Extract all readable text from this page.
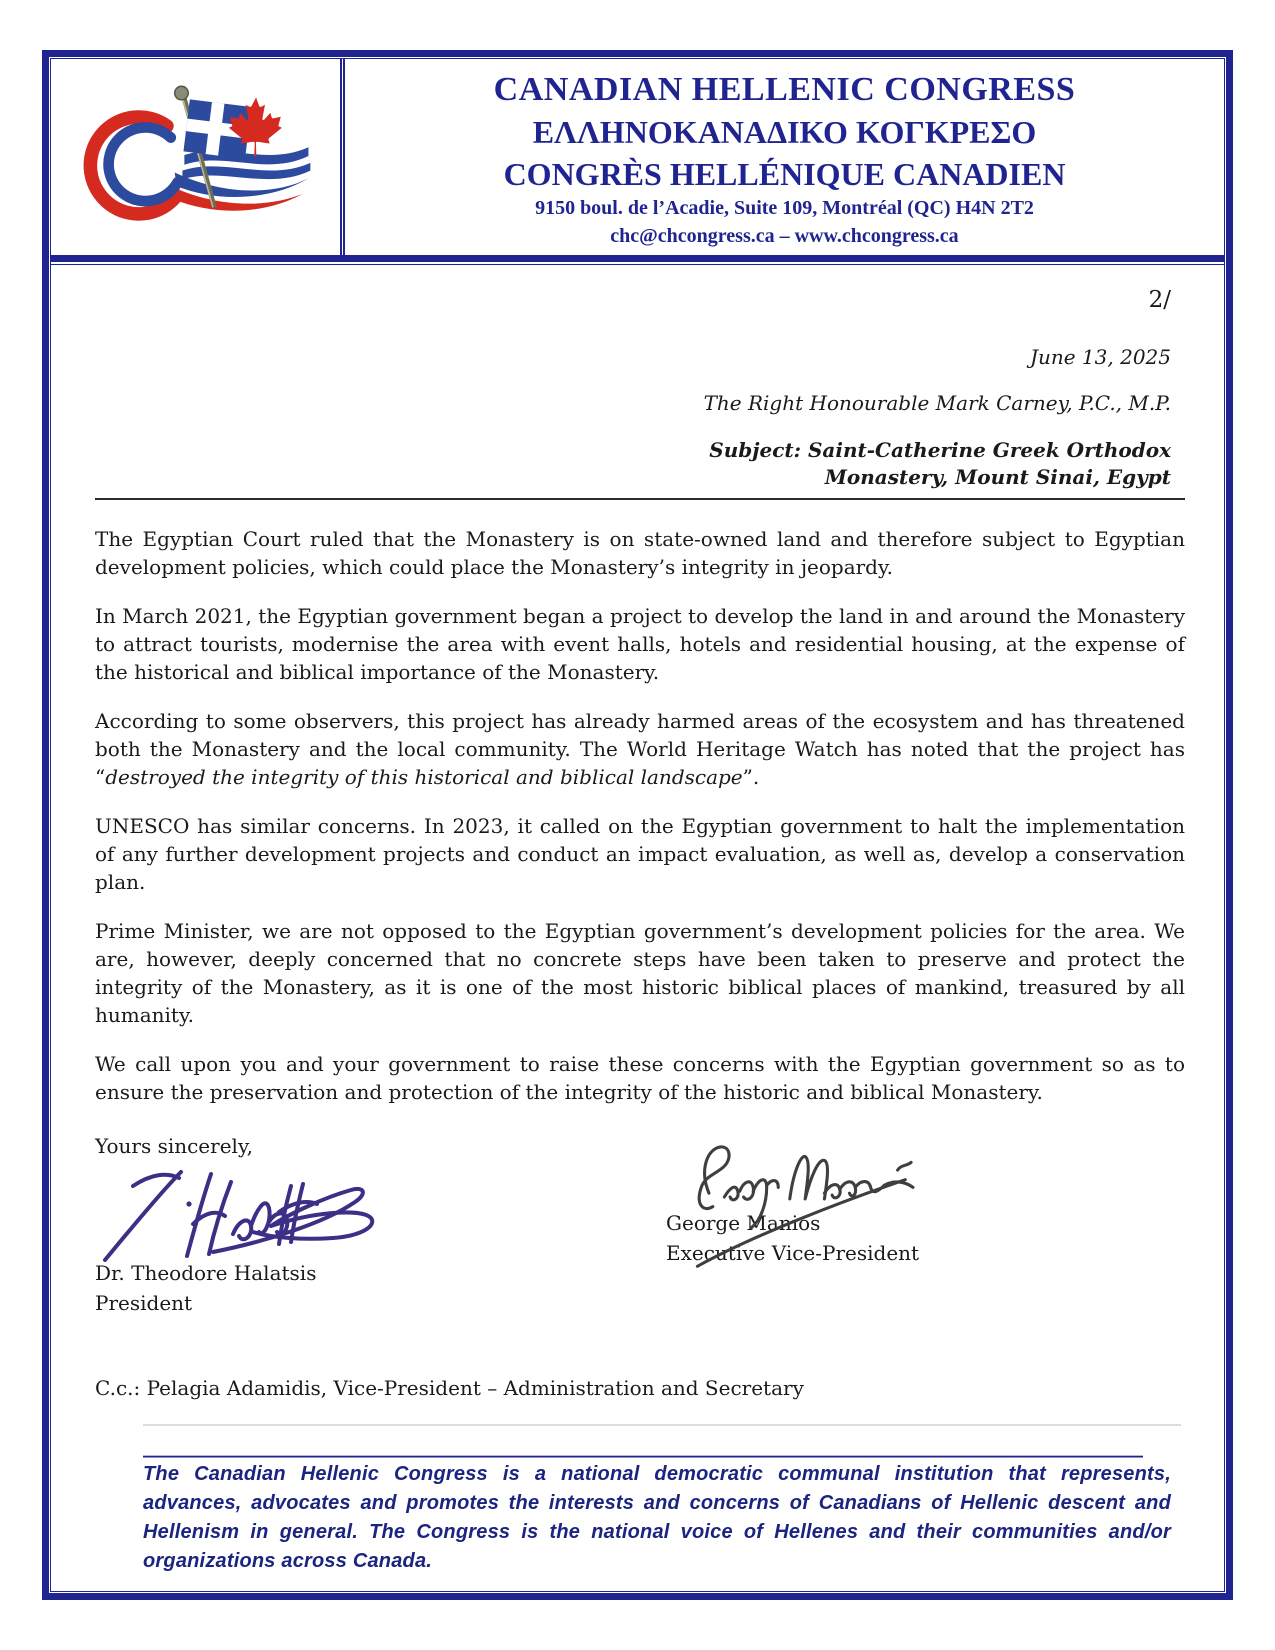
CANADIAN HELLENIC CONGRESS
ΕΛΛΗΝΟΚΑΝΑΔΙΚΟ ΚΟΓΚΡΕΣΟ
CONGRÈS HELLÉNIQUE CANADIEN
9150 boul. de l’Acadie, Suite 109, Montréal (QC) H4N 2T2
chc@chcongress.ca – www.chcongress.ca
2/
June 13, 2025
The Right Honourable Mark Carney, P.C., M.P.
Subject: Saint-Catherine Greek Orthodox
Monastery, Mount Sinai, Egypt

The Egyptian Court ruled that the Monastery is on state-owned land and therefore subject to Egyptian development policies, which could place the Monastery’s integrity in jeopardy.

In March 2021, the Egyptian government began a project to develop the land in and around the Monastery to attract tourists, modernise the area with event halls, hotels and residential housing, at the expense of the historical and biblical importance of the Monastery.

According to some observers, this project has already harmed areas of the ecosystem and has threatened both the Monastery and the local community. The World Heritage Watch has noted that the project has “destroyed the integrity of this historical and biblical landscape”.

UNESCO has similar concerns. In 2023, it called on the Egyptian government to halt the implementation of any further development projects and conduct an impact evaluation, as well as, develop a conservation plan.

Prime Minister, we are not opposed to the Egyptian government’s development policies for the area. We are, however, deeply concerned that no concrete steps have been taken to preserve and protect the integrity of the Monastery, as it is one of the most historic biblical places of mankind, treasured by all humanity.

We call upon you and your government to raise these concerns with the Egyptian government so as to ensure the preservation and protection of the integrity of the historic and biblical Monastery.

Yours sincerely,

Dr. Theodore Halatsis
President
George Manios
Executive Vice-President

C.c.: Pelagia Adamidis, Vice-President – Administration and Secretary

____________________________________________________________________________________________________

The Canadian Hellenic Congress is a national democratic communal institution that represents, advances, advocates and promotes the interests and concerns of Canadians of Hellenic descent and Hellenism in general. The Congress is the national voice of Hellenes and their communities and/or organizations across Canada.
